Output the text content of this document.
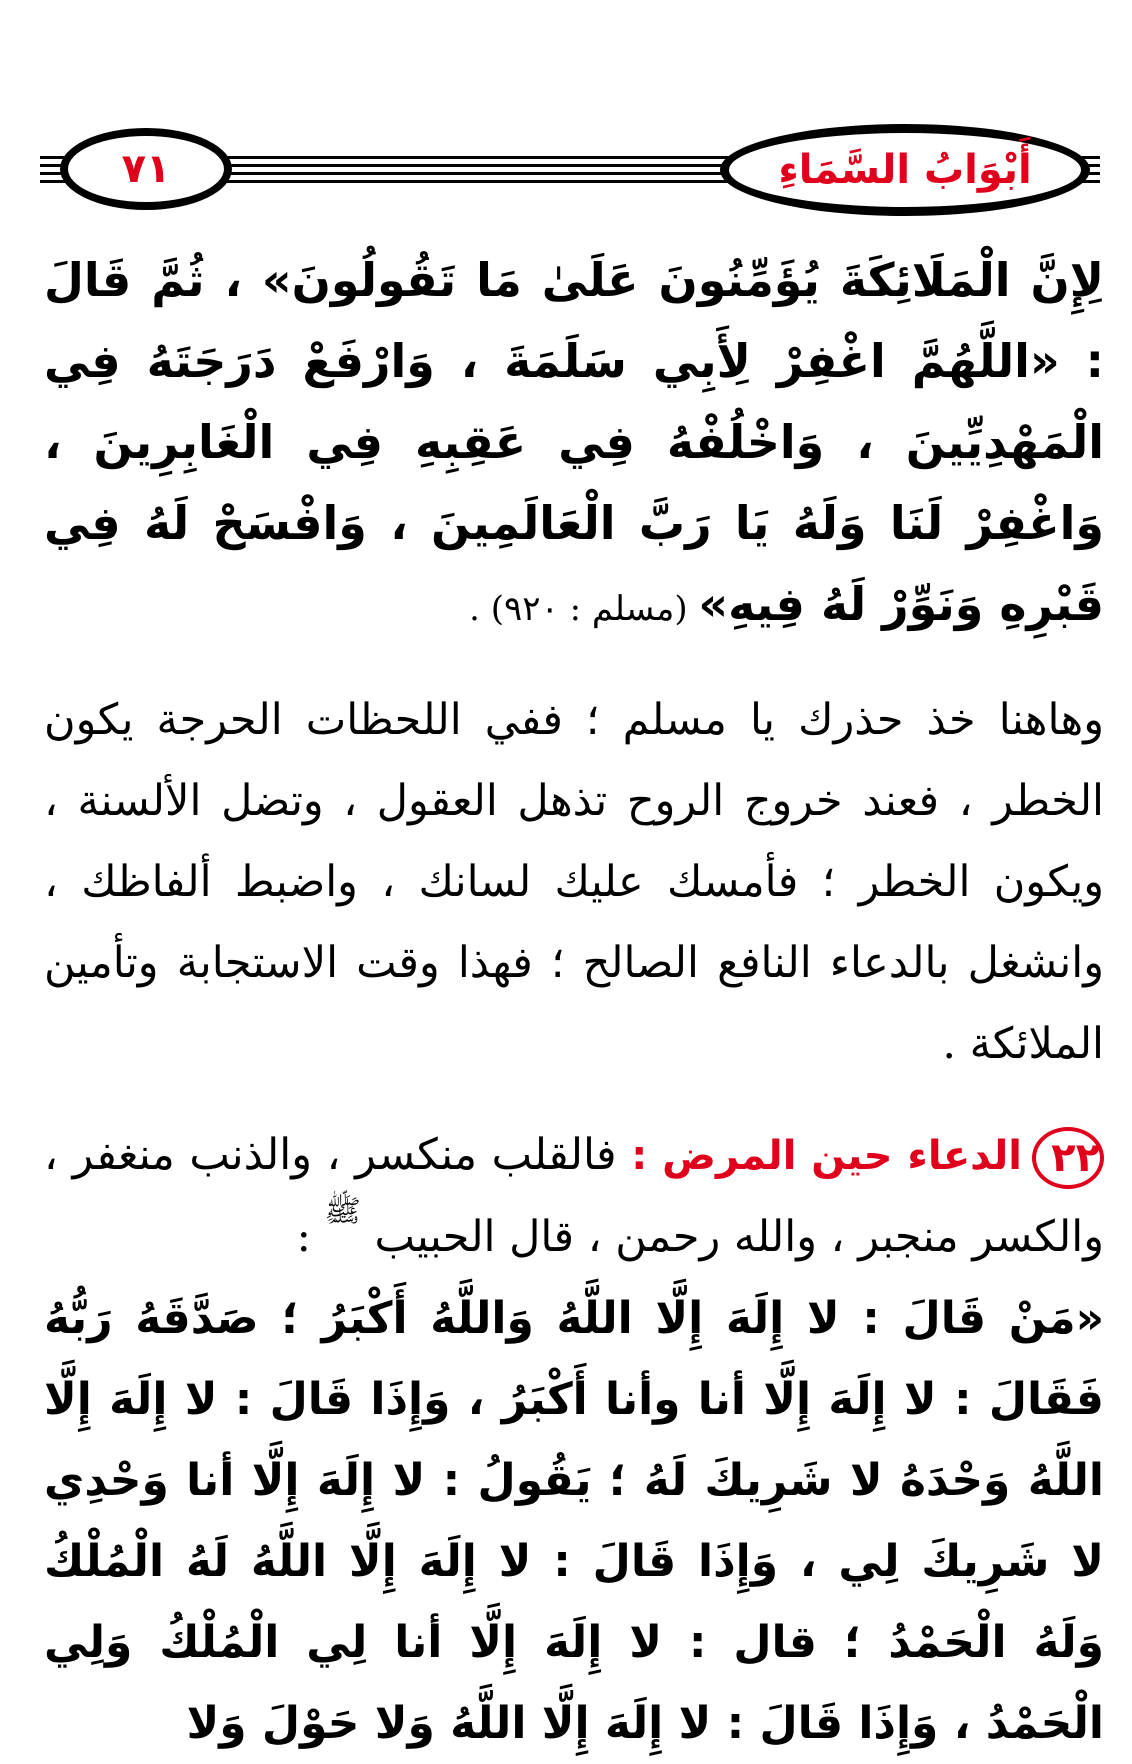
٧١	أَبْوَابُ السَّمَاءِ

لِإِنَّ الْمَلَائِكَةَ يُؤَمِّنُونَ عَلَىٰ مَا تَقُولُونَ» ، ثُمَّ قَالَ : «اللَّهُمَّ اغْفِرْ لِأَبِي سَلَمَةَ ، وَارْفَعْ دَرَجَتَهُ فِي الْمَهْدِيِّينَ ، وَاخْلُفْهُ فِي عَقِبِهِ فِي الْغَابِرِينَ ، وَاغْفِرْ لَنَا وَلَهُ يَا رَبَّ الْعَالَمِينَ ، وَافْسَحْ لَهُ فِي قَبْرِهِ وَنَوِّرْ لَهُ فِيهِ» (مسلم : ٩٢٠) .

وهاهنا خذ حذرك يا مسلم ؛ ففي اللحظات الحرجة يكون الخطر ، فعند خروج الروح تذهل العقول ، وتضل الألسنة ، ويكون الخطر ؛ فأمسك عليك لسانك ، واضبط ألفاظك ، وانشغل بالدعاء النافع الصالح ؛ فهذا وقت الاستجابة وتأمين الملائكة .

٢٢الدعاء حين المرض : فالقلب منكسر ، والذنب منغفر ، والكسر منجبر ، والله رحمن ، قال الحبيب ﷺ :

«مَنْ قَالَ : لا إِلَهَ إِلَّا اللَّهُ وَاللَّهُ أَكْبَرُ ؛ صَدَّقَهُ رَبُّهُ فَقَالَ : لا إِلَهَ إِلَّا أنا وأنا أَكْبَرُ ، وَإِذَا قَالَ : لا إِلَهَ إِلَّا اللَّهُ وَحْدَهُ لا شَرِيكَ لَهُ ؛ يَقُولُ : لا إِلَهَ إِلَّا أنا وَحْدِي لا شَرِيكَ لِي ، وَإِذَا قَالَ : لا إِلَهَ إِلَّا اللَّهُ لَهُ الْمُلْكُ وَلَهُ الْحَمْدُ ؛ قال : لا إِلَهَ إِلَّا أنا لِي الْمُلْكُ وَلِي الْحَمْدُ ، وَإِذَا قَالَ : لا إِلَهَ إِلَّا اللَّهُ وَلا حَوْلَ وَلا
